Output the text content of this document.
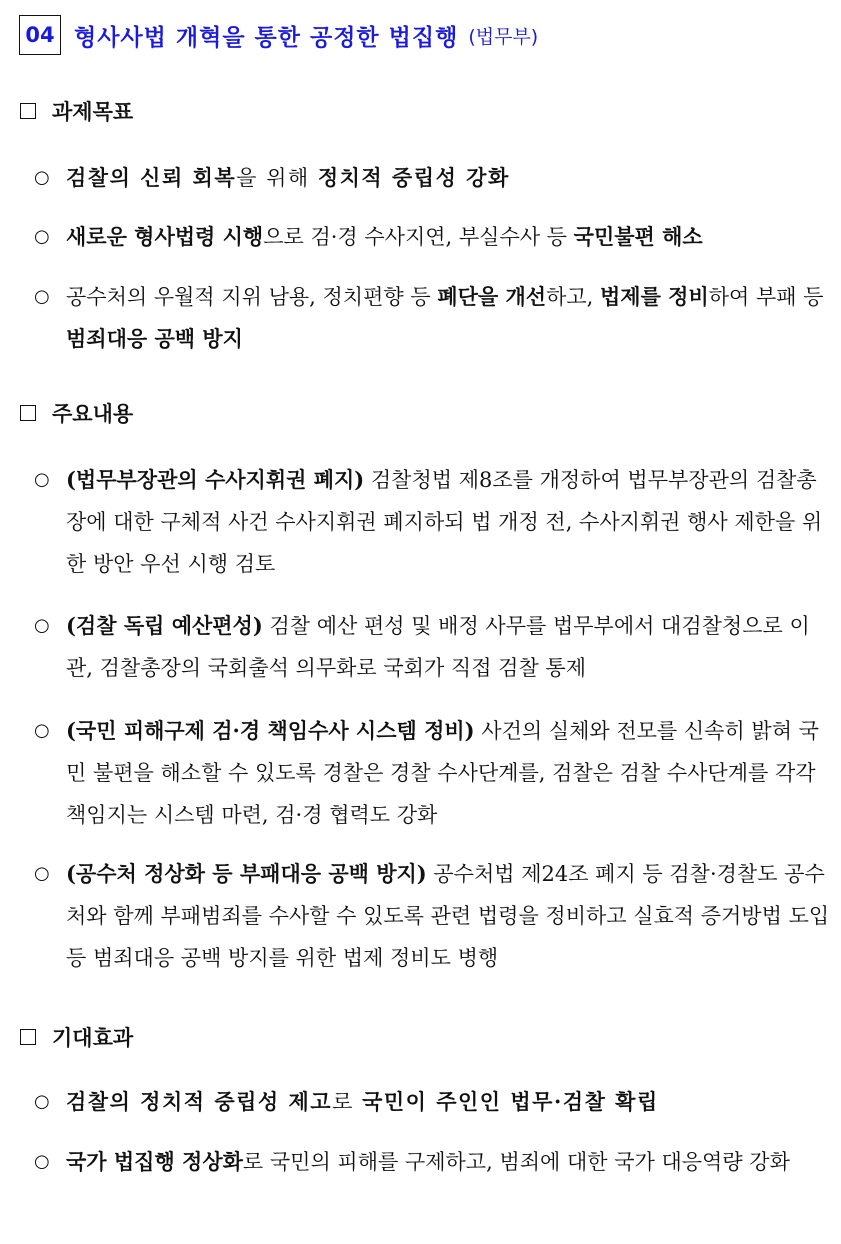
04 형사사법 개혁을 통한 공정한 법집행 (법무부)
과제목표
○ 검찰의 신뢰 회복을 위해 정치적 중립성 강화
○ 새로운 형사법령 시행으로 검·경 수사지연, 부실수사 등 국민불편 해소
○ 공수처의 우월적 지위 남용, 정치편향 등 폐단을 개선하고, 법제를 정비하여 부패 등 범죄대응 공백 방지
주요내용
○ (법무부장관의 수사지휘권 폐지) 검찰청법 제8조를 개정하여 법무부장관의 검찰총장에 대한 구체적 사건 수사지휘권 폐지하되 법 개정 전, 수사지휘권 행사 제한을 위한 방안 우선 시행 검토
○ (검찰 독립 예산편성) 검찰 예산 편성 및 배정 사무를 법무부에서 대검찰청으로 이관, 검찰총장의 국회출석 의무화로 국회가 직접 검찰 통제
○ (국민 피해구제 검·경 책임수사 시스템 정비) 사건의 실체와 전모를 신속히 밝혀 국민 불편을 해소할 수 있도록 경찰은 경찰 수사단계를, 검찰은 검찰 수사단계를 각각 책임지는 시스템 마련, 검·경 협력도 강화
○ (공수처 정상화 등 부패대응 공백 방지) 공수처법 제24조 폐지 등 검찰·경찰도 공수처와 함께 부패범죄를 수사할 수 있도록 관련 법령을 정비하고 실효적 증거방법 도입 등 범죄대응 공백 방지를 위한 법제 정비도 병행
기대효과
○ 검찰의 정치적 중립성 제고로 국민이 주인인 법무·검찰 확립
○ 국가 법집행 정상화로 국민의 피해를 구제하고, 범죄에 대한 국가 대응역량 강화
